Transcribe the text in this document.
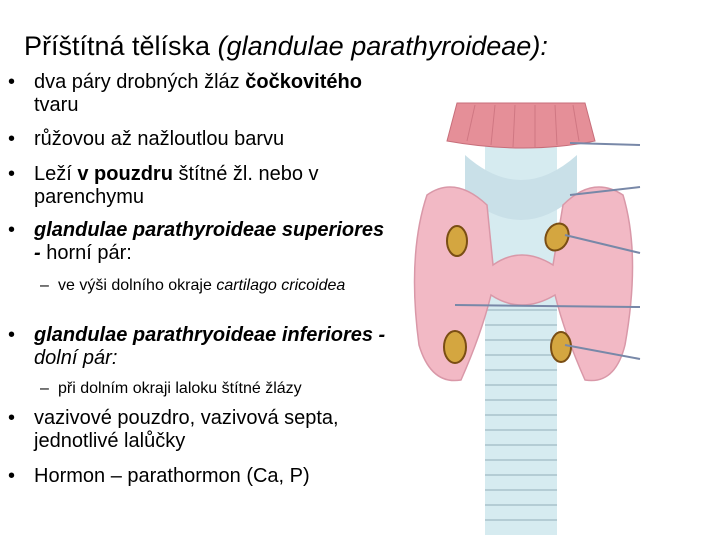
Příštítná tělíska (glandulae parathyroideae):
• dva páry drobných žláz čočkovitého tvaru
• růžovou až nažloutlou barvu
• Leží v pouzdru štítné žl. nebo v parenchymu
• glandulae parathyroideae superiores - horní pár:
– ve výši dolního okraje cartilago cricoidea
• glandulae parathryoideae inferiores - dolní pár:
– při dolním okraji laloku štítné žlázy
• vazivové pouzdro, vazivová septa, jednotlivé lalůčky
• Hormon – parathormon (Ca, P)
